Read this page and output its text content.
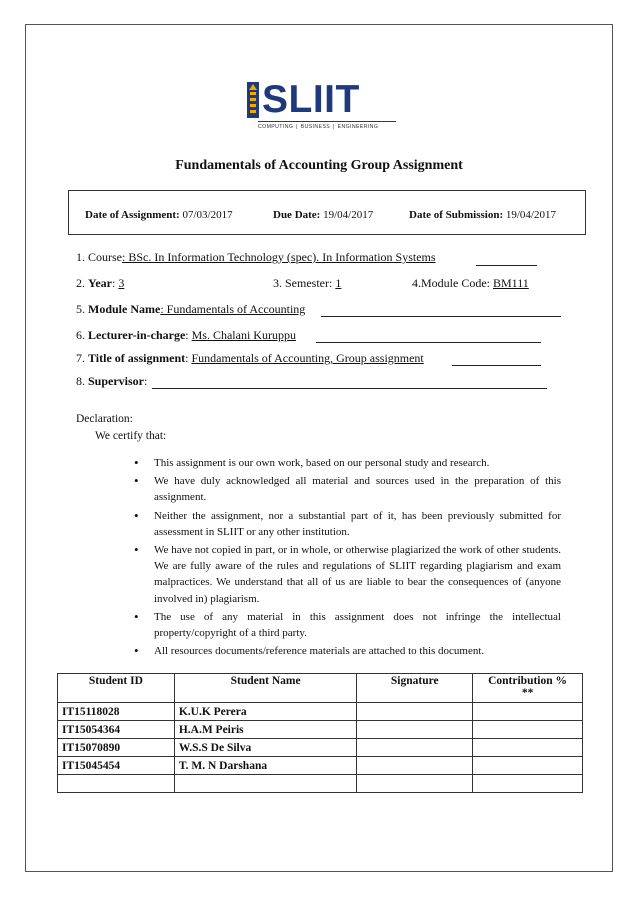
SLIIT
COMPUTING | BUSINESS | ENGINEERING
Fundamentals of Accounting Group Assignment
Date of Assignment: 07/03/2017	Due Date: 19/04/2017	Date of Submission: 19/04/2017
1. Course: BSc. In Information Technology (spec). In Information Systems
2. Year: 3	3. Semester: 1	4.Module Code: BM111
5. Module Name: Fundamentals of Accounting
6. Lecturer-in-charge: Ms. Chalani Kuruppu
7. Title of assignment: Fundamentals of Accounting, Group assignment
8. Supervisor:
Declaration:
We certify that:
• This assignment is our own work, based on our personal study and research.
• We have duly acknowledged all material and sources used in the preparation of this assignment.
• Neither the assignment, nor a substantial part of it, has been previously submitted for assessment in SLIIT or any other institution.
• We have not copied in part, or in whole, or otherwise plagiarized the work of other students. We are fully aware of the rules and regulations of SLIIT regarding plagiarism and exam malpractices. We understand that all of us are liable to bear the consequences of (anyone involved in) plagiarism.
• The use of any material in this assignment does not infringe the intellectual property/copyright of a third party.
• All resources documents/reference materials are attached to this document.
Student ID	Student Name	Signature	Contribution %
**
IT15118028	K.U.K Perera		
IT15054364	H.A.M Peiris		
IT15070890	W.S.S De Silva		
IT15045454	T. M. N Darshana		
